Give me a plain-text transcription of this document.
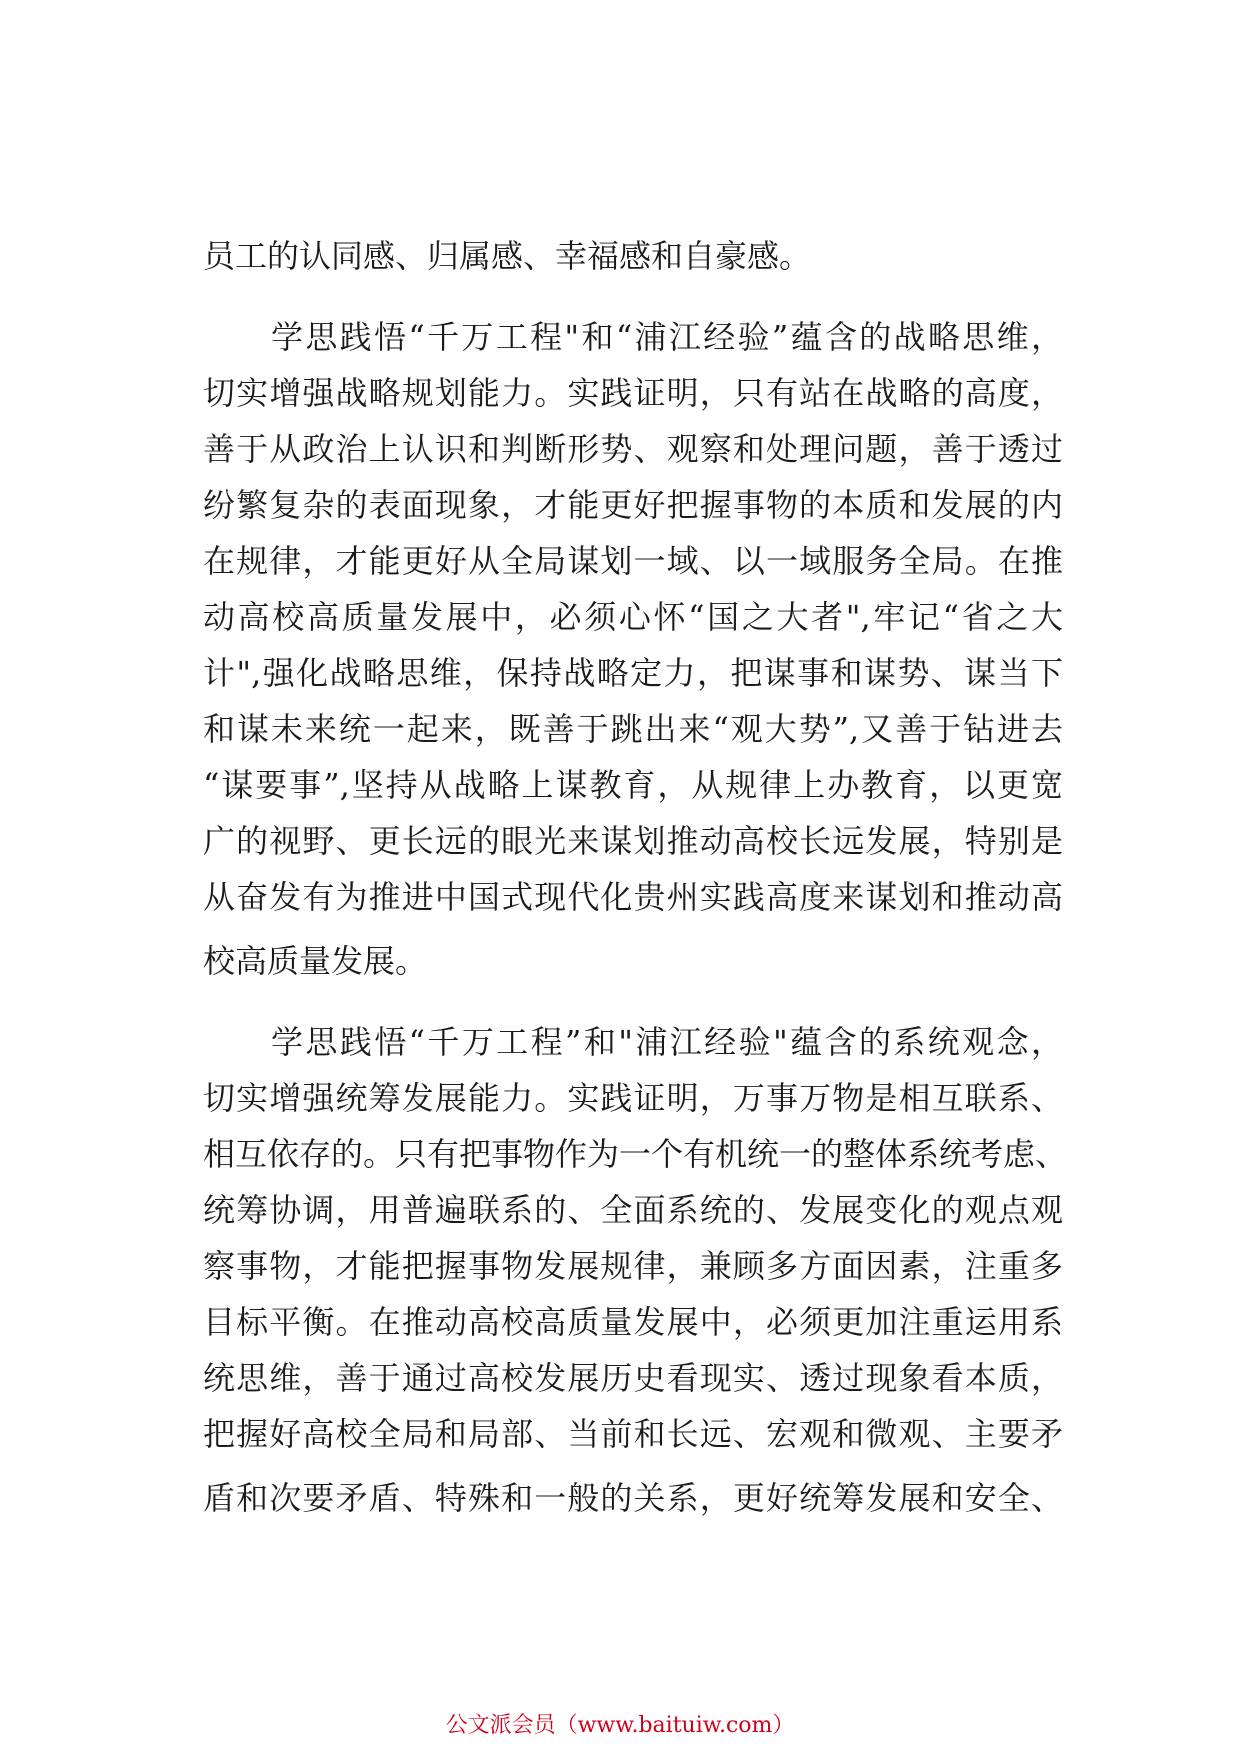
员工的认同感、归属感、幸福感和自豪感。
学思践悟“千万工程"和“浦江经验”蕴含的战略思维，
切实增强战略规划能力。实践证明，只有站在战略的高度，
善于从政治上认识和判断形势、观察和处理问题，善于透过
纷繁复杂的表面现象，才能更好把握事物的本质和发展的内
在规律，才能更好从全局谋划一域、以一域服务全局。在推
动高校高质量发展中，必须心怀“国之大者",牢记“省之大
计",强化战略思维，保持战略定力，把谋事和谋势、谋当下
和谋未来统一起来，既善于跳出来“观大势”,又善于钻进去
“谋要事”,坚持从战略上谋教育，从规律上办教育，以更宽
广的视野、更长远的眼光来谋划推动高校长远发展，特别是
从奋发有为推进中国式现代化贵州实践高度来谋划和推动高
校高质量发展。
学思践悟“千万工程”和"浦江经验"蕴含的系统观念，
切实增强统筹发展能力。实践证明，万事万物是相互联系、
相互依存的。只有把事物作为一个有机统一的整体系统考虑、
统筹协调，用普遍联系的、全面系统的、发展变化的观点观
察事物，才能把握事物发展规律，兼顾多方面因素，注重多
目标平衡。在推动高校高质量发展中，必须更加注重运用系
统思维，善于通过高校发展历史看现实、透过现象看本质，
把握好高校全局和局部、当前和长远、宏观和微观、主要矛
盾和次要矛盾、特殊和一般的关系，更好统筹发展和安全、
公文派会员（www.baituiw.com）
